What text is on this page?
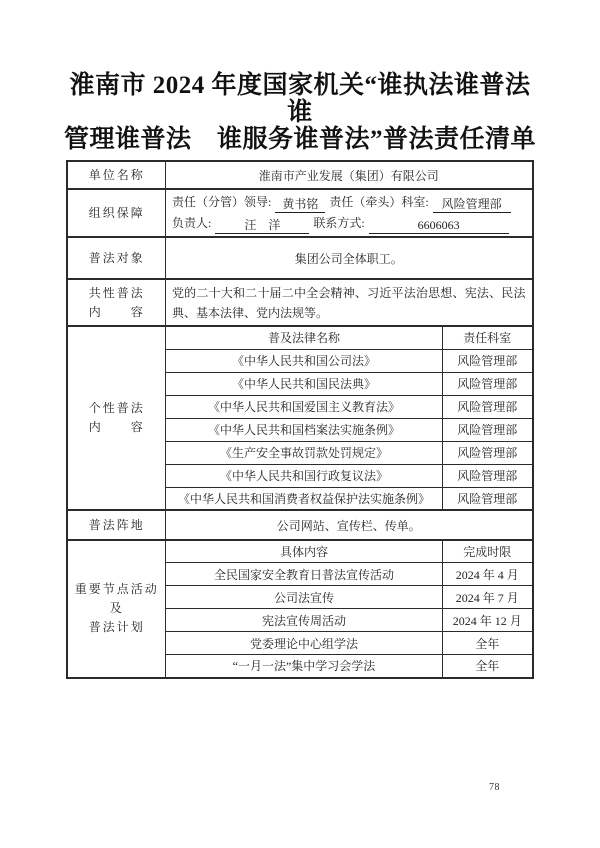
淮南市 2024 年度国家机关“谁执法谁普法　谁
管理谁普法　谁服务谁普法”普法责任清单
单位名称	淮南市产业发展（集团）有限公司	
组织保障	责任（分管）领导: 黄书铭 责任（牵头）科室: 风险管理部
负责人: 汪　洋 联系方式: 6606063	
普法对象	集团公司全体职工。	

共性普法
内　　容	党的二十大和二十届二中全会精神、习近平法治思想、宪法、民法典、基本法律、党内法规等。	

个性普法
内　　容	普及法律名称	责任科室
	《中华人民共和国公司法》	风险管理部
	《中华人民共和国民法典》	风险管理部
	《中华人民共和国爱国主义教育法》	风险管理部
	《中华人民共和国档案法实施条例》	风险管理部
	《生产安全事故罚款处罚规定》	风险管理部
	《中华人民共和国行政复议法》	风险管理部
	《中华人民共和国消费者权益保护法实施条例》	风险管理部
普法阵地	公司网站、宣传栏、传单。	

重要节点活动及
普法计划	具体内容	完成时限
	全民国家安全教育日普法宣传活动	2024 年 4 月
	公司法宣传	2024 年 7 月
	宪法宣传周活动	2024 年 12 月
	党委理论中心组学法	全年
	“一月一法”集中学习会学法	全年
78
